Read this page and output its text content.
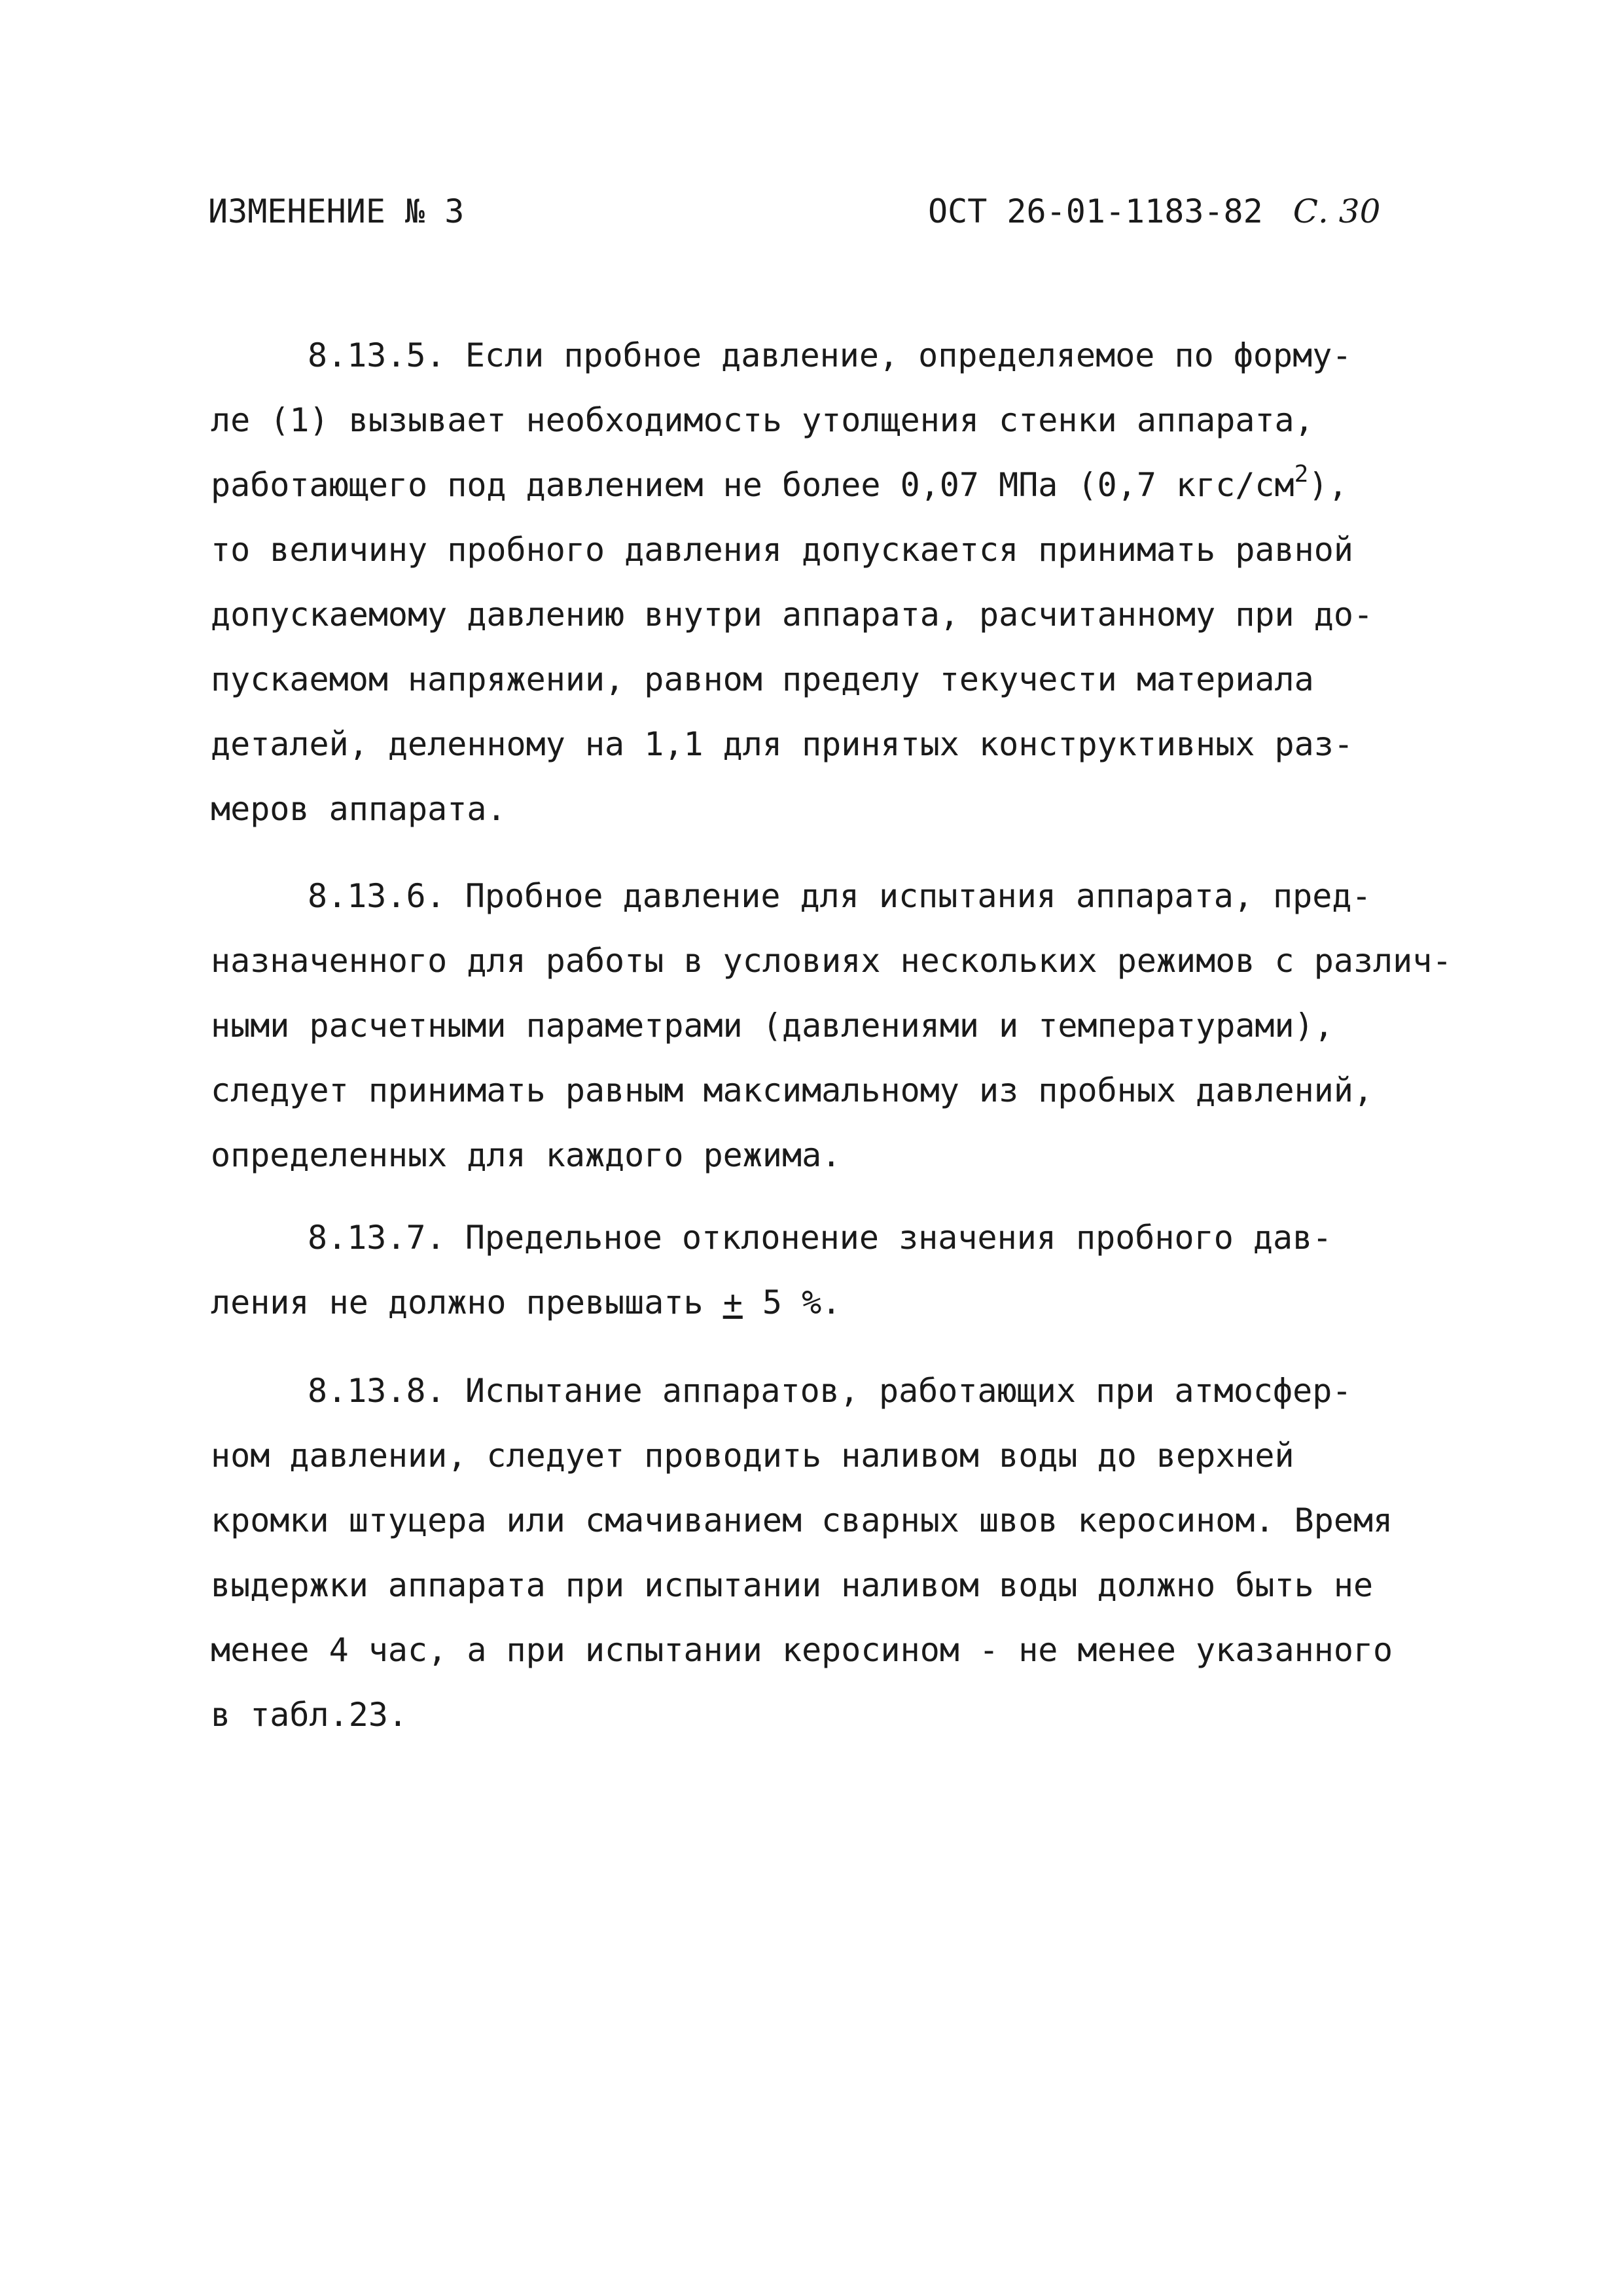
ИЗМЕНЕНИЕ № 3	ОСТ 26-01-1183-82 С. 30
8.13.5. Если пробное давление, определяемое по форму-
ле (1) вызывает необходимость утолщения стенки аппарата,
работающего под давлением не более 0,07 МПа (0,7 кгс/$см^2$),
то величину пробного давления допускается принимать равной
допускаемому давлению внутри аппарата, расчитанному при до-
пускаемом напряжении, равном пределу текучести материала
деталей, деленному на 1,1 для принятых конструктивных раз-
меров аппарата.
8.13.6. Пробное давление для испытания аппарата, пред-
назначенного для работы в условиях нескольких режимов с различ-
ными расчетными параметрами (давлениями и температурами),
следует принимать равным максимальному из пробных давлений,
определенных для каждого режима.
8.13.7. Предельное отклонение значения пробного дав-
ления не должно превышать + 5 %.
8.13.8. Испытание аппаратов, работающих при атмосфер-
ном давлении, следует проводить наливом воды до верхней
кромки штуцера или смачиванием сварных швов керосином. Время
выдержки аппарата при испытании наливом воды должно быть не
менее 4 час, а при испытании керосином - не менее указанного
в табл.23.
